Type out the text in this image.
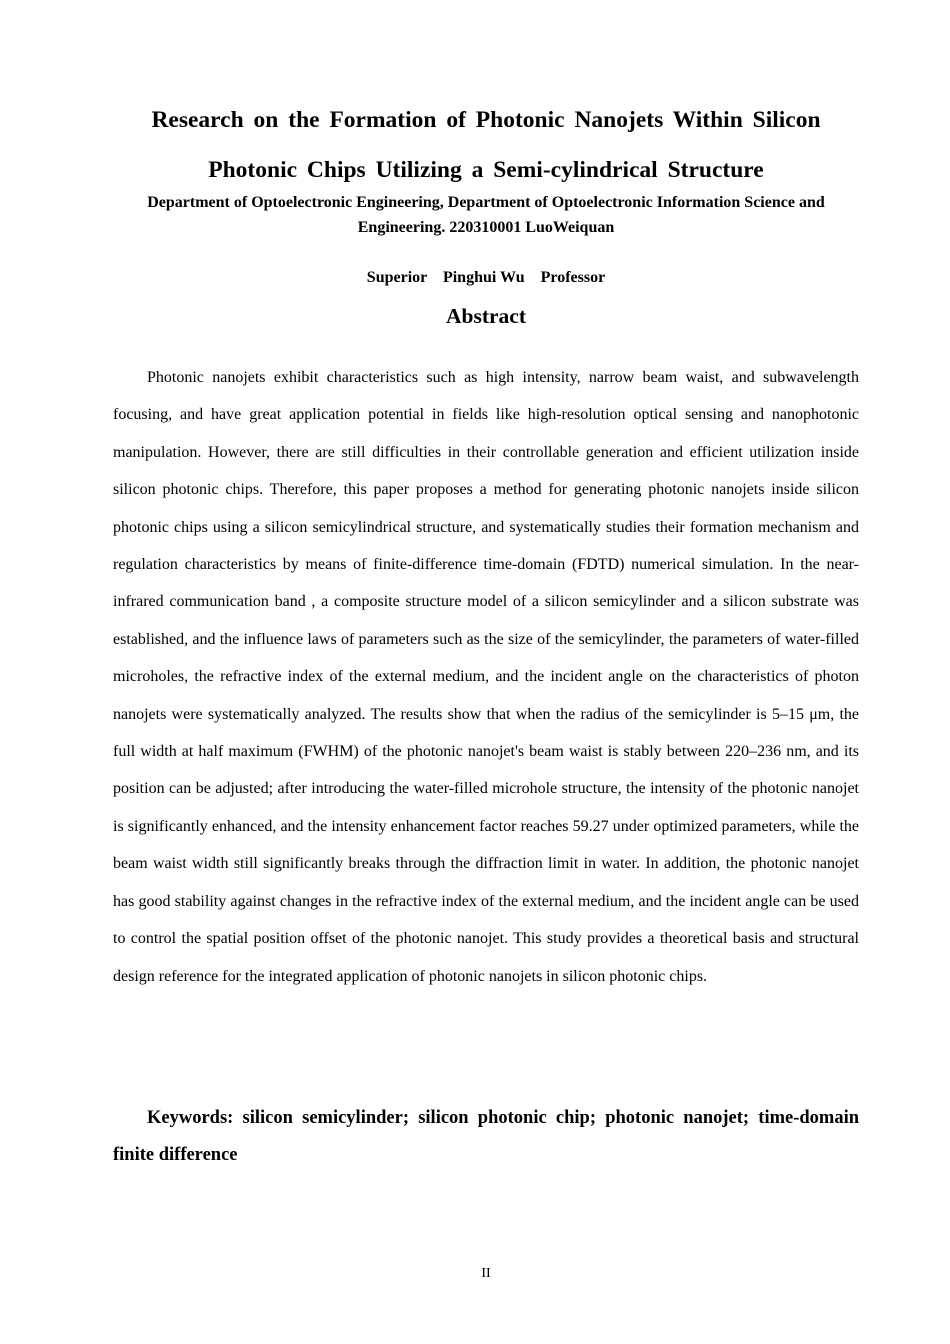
Research on the Formation of Photonic Nanojets Within Silicon Photonic Chips Utilizing a Semi-cylindrical Structure

Department of Optoelectronic Engineering, Department of Optoelectronic Information Science and Engineering. 220310001 LuoWeiquan

Superior    Pinghui Wu    Professor

Abstract

Photonic nanojets exhibit characteristics such as high intensity, narrow beam waist, and subwavelength focusing, and have great application potential in fields like high-resolution optical sensing and nanophotonic manipulation. However, there are still difficulties in their controllable generation and efficient utilization inside silicon photonic chips. Therefore, this paper proposes a method for generating photonic nanojets inside silicon photonic chips using a silicon semicylindrical structure, and systematically studies their formation mechanism and regulation characteristics by means of finite-difference time-domain (FDTD) numerical simulation. In the near-infrared communication band , a composite structure model of a silicon semicylinder and a silicon substrate was established, and the influence laws of parameters such as the size of the semicylinder, the parameters of water-filled microholes, the refractive index of the external medium, and the incident angle on the characteristics of photon nanojets were systematically analyzed. The results show that when the radius of the semicylinder is 5–15 μm, the full width at half maximum (FWHM) of the photonic nanojet's beam waist is stably between 220–236 nm, and its position can be adjusted; after introducing the water-filled microhole structure, the intensity of the photonic nanojet is significantly enhanced, and the intensity enhancement factor reaches 59.27 under optimized parameters, while the beam waist width still significantly breaks through the diffraction limit in water. In addition, the photonic nanojet has good stability against changes in the refractive index of the external medium, and the incident angle can be used to control the spatial position offset of the photonic nanojet. This study provides a theoretical basis and structural design reference for the integrated application of photonic nanojets in silicon photonic chips.

Keywords: silicon semicylinder; silicon photonic chip; photonic nanojet; time-domain finite difference

II
